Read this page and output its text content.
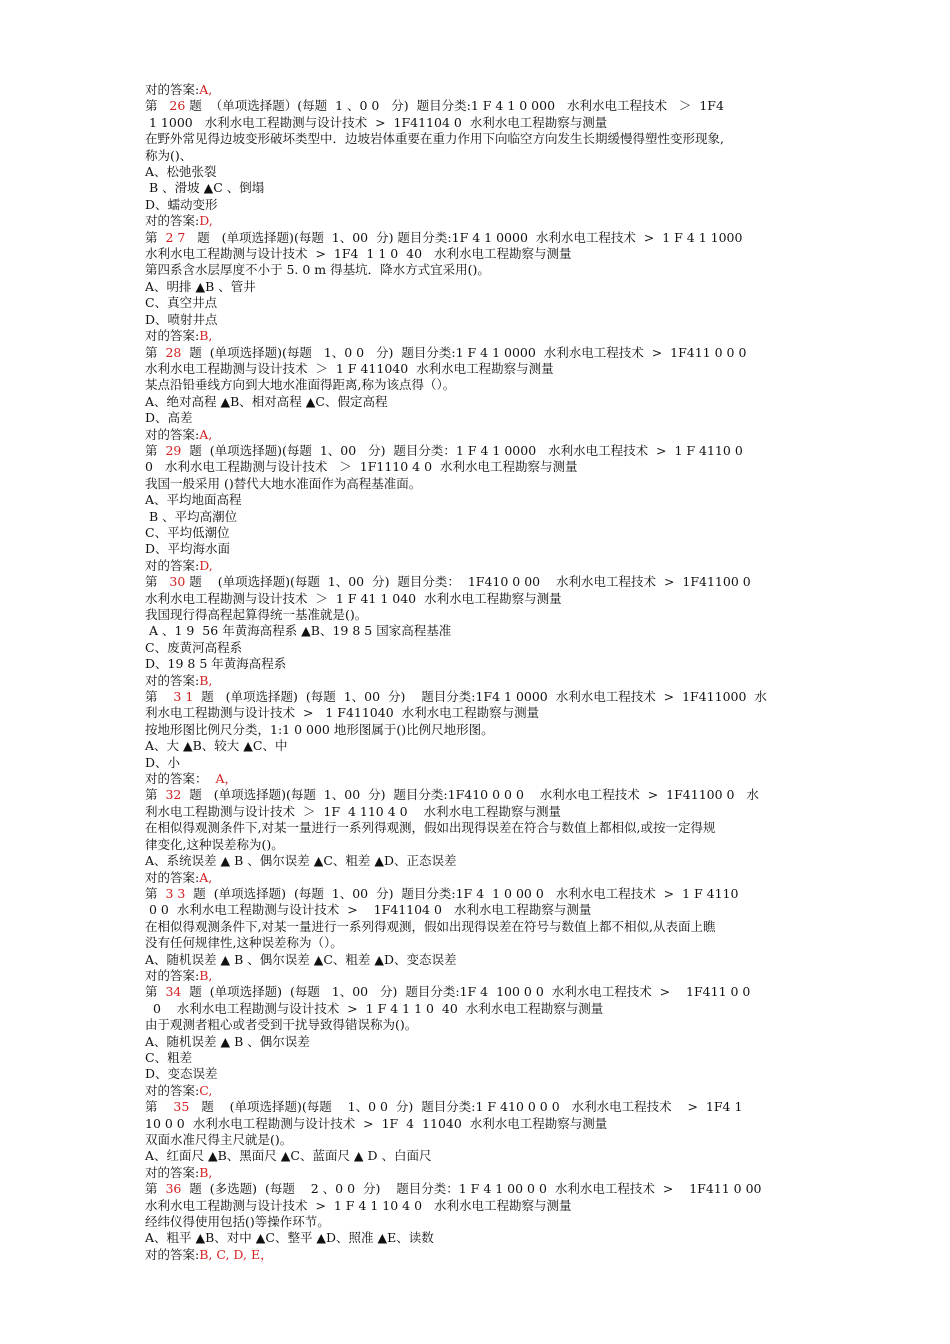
对的答案:A,

第   26 题  （单项选择题）(每题  1 、0 0   分)  题目分类:1 F 4 1 0 000   水利水电工程技术   ＞  1F4

1 1000   水利水电工程勘测与设计技术  >  1F41104 0  水利水电工程勘察与测量

在野外常见得边坡变形破坏类型中．边坡岩体重要在重力作用下向临空方向发生长期缓慢得塑性变形现象,

称为()、

A、松弛张裂

B 、滑坡 ▲C 、倒塌

D、蠕动变形

对的答案:D,

第  2 7   题   (单项选择题)(每题  1、00  分) 题目分类:1F 4 1 0000  水利水电工程技术  >  1 F 4 1 1000

水利水电工程勘测与设计技术  >  1F4  1 1 0  40   水利水电工程勘察与测量

第四系含水层厚度不小于 5. 0 m 得基坑．降水方式宜采用()。

A、明排 ▲B 、管井

C、真空井点

D、喷射井点

对的答案:B,

第  28  题  (单项选择题)(每题   1、0 0   分)  题目分类:1 F 4 1 0000  水利水电工程技术  >  1F411 0 0 0

水利水电工程勘测与设计技术  ＞  1 F 411040  水利水电工程勘察与测量

某点沿铅垂线方向到大地水准面得距离,称为该点得（）。

A、绝对高程 ▲B、相对高程 ▲C、假定高程

D、高差

对的答案:A,

第  29  题  (单项选择题)(每题  1、00   分)  题目分类：1 F 4 1 0000   水利水电工程技术  >  1 F 4110 0

0   水利水电工程勘测与设计技术   ＞  1F1110 4 0  水利水电工程勘察与测量

我国一般采用 ()替代大地水准面作为高程基准面。

A、平均地面高程

B 、平均高潮位

C、平均低潮位

D、平均海水面

对的答案:D,

第   30 题    (单项选择题)(每题  1、00  分)  题目分类：  1F410 0 00    水利水电工程技术  >  1F41100 0

水利水电工程勘测与设计技术  ＞  1 F 41 1 040  水利水电工程勘察与测量

我国现行得高程起算得统一基准就是()。

A 、1 9  56 年黄海高程系 ▲B、19 8 5 国家高程基准

C、废黄河高程系

D、19 8 5 年黄海高程系

对的答案:B,

第    3 1  题   (单项选择题)  (每题  1、00  分)    题目分类:1F4 1 0000  水利水电工程技术  >  1F411000  水

利水电工程勘测与设计技术  >   1 F411040  水利水电工程勘察与测量

按地形图比例尺分类，1:1 0 000 地形图属于()比例尺地形图。

A、大 ▲B、较大 ▲C、中

D、小

对的答案：  A，

第  32  题   (单项选择题)(每题  1、00  分)  题目分类:1F410 0 0 0    水利水电工程技术  >  1F41100 0   水

利水电工程勘测与设计技术  ＞  1F  4 110 4 0    水利水电工程勘察与测量

在相似得观测条件下,对某一量进行一系列得观测，假如出现得误差在符合与数值上都相似,或按一定得规

律变化,这种误差称为()。

A、系统误差 ▲ B 、偶尔误差 ▲C、粗差 ▲D、正态误差

对的答案:A,

第  3 3  题  (单项选择题)  (每题  1、00  分)  题目分类:1F 4  1 0 00 0   水利水电工程技术  >  1 F 4110

0 0  水利水电工程勘测与设计技术  >    1F41104 0   水利水电工程勘察与测量

在相似得观测条件下,对某一量进行一系列得观测，假如出现得误差在符号与数值上都不相似,从表面上瞧

没有任何规律性,这种误差称为（）。

A、随机误差 ▲ B 、偶尔误差 ▲C、粗差 ▲D、变态误差

对的答案:B,

第  34  题  (单项选择题)  (每题   1、00   分)  题目分类:1F 4  100 0 0  水利水电工程技术  >    1F411 0 0

0    水利水电工程勘测与设计技术  >  1 F 4 1 1 0  40  水利水电工程勘察与测量

由于观测者粗心或者受到干扰导致得错误称为()。

A、随机误差 ▲ B 、偶尔误差

C、粗差

D、变态误差

对的答案:C,

第    35   题    (单项选择题)(每题    1、0 0  分)  题目分类:1 F 410 0 0 0   水利水电工程技术    >  1F4 1

10 0 0  水利水电工程勘测与设计技术  >  1F  4  11040  水利水电工程勘察与测量

双面水准尺得主尺就是()。

A、红面尺 ▲B、黑面尺 ▲C、蓝面尺 ▲ D 、白面尺

对的答案:B,

第  36  题  (多选题)  (每题    2 、0 0  分)    题目分类：1 F 4 1 00 0 0  水利水电工程技术  >    1F411 0 00

水利水电工程勘测与设计技术  >  1 F 4 1 10 4 0   水利水电工程勘察与测量

经纬仪得使用包括()等操作环节。

A、粗平 ▲B、对中 ▲C、整平 ▲D、照准 ▲E、读数

对的答案:B, C, D, E，
